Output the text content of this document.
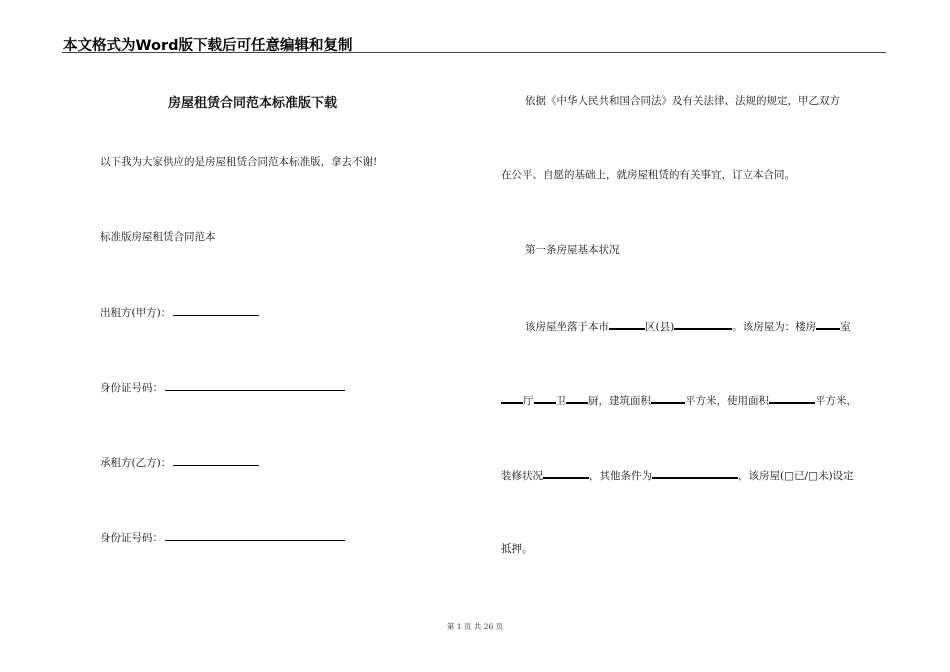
本文格式为Word版下载后可任意编辑和复制
房屋租赁合同范本标准版下载
以下我为大家供应的是房屋租赁合同范本标准版，拿去不谢!
标准版房屋租赁合同范本
出租方(甲方)：
身份证号码：
承租方(乙方)：
身份证号码：
依据《中华人民共和国合同法》及有关法律、法规的规定，甲乙双方
在公平、自愿的基础上，就房屋租赁的有关事宜，订立本合同。
第一条房屋基本状况
该房屋坐落于本市	区(县)	。该房屋为：楼房 室
厅 卫 厨，建筑面积	平方米，使用面积	平方米，
装修状况	，其他条件为	，该房屋(□已/□未)设定
抵押。
第 1 页 共 26 页
